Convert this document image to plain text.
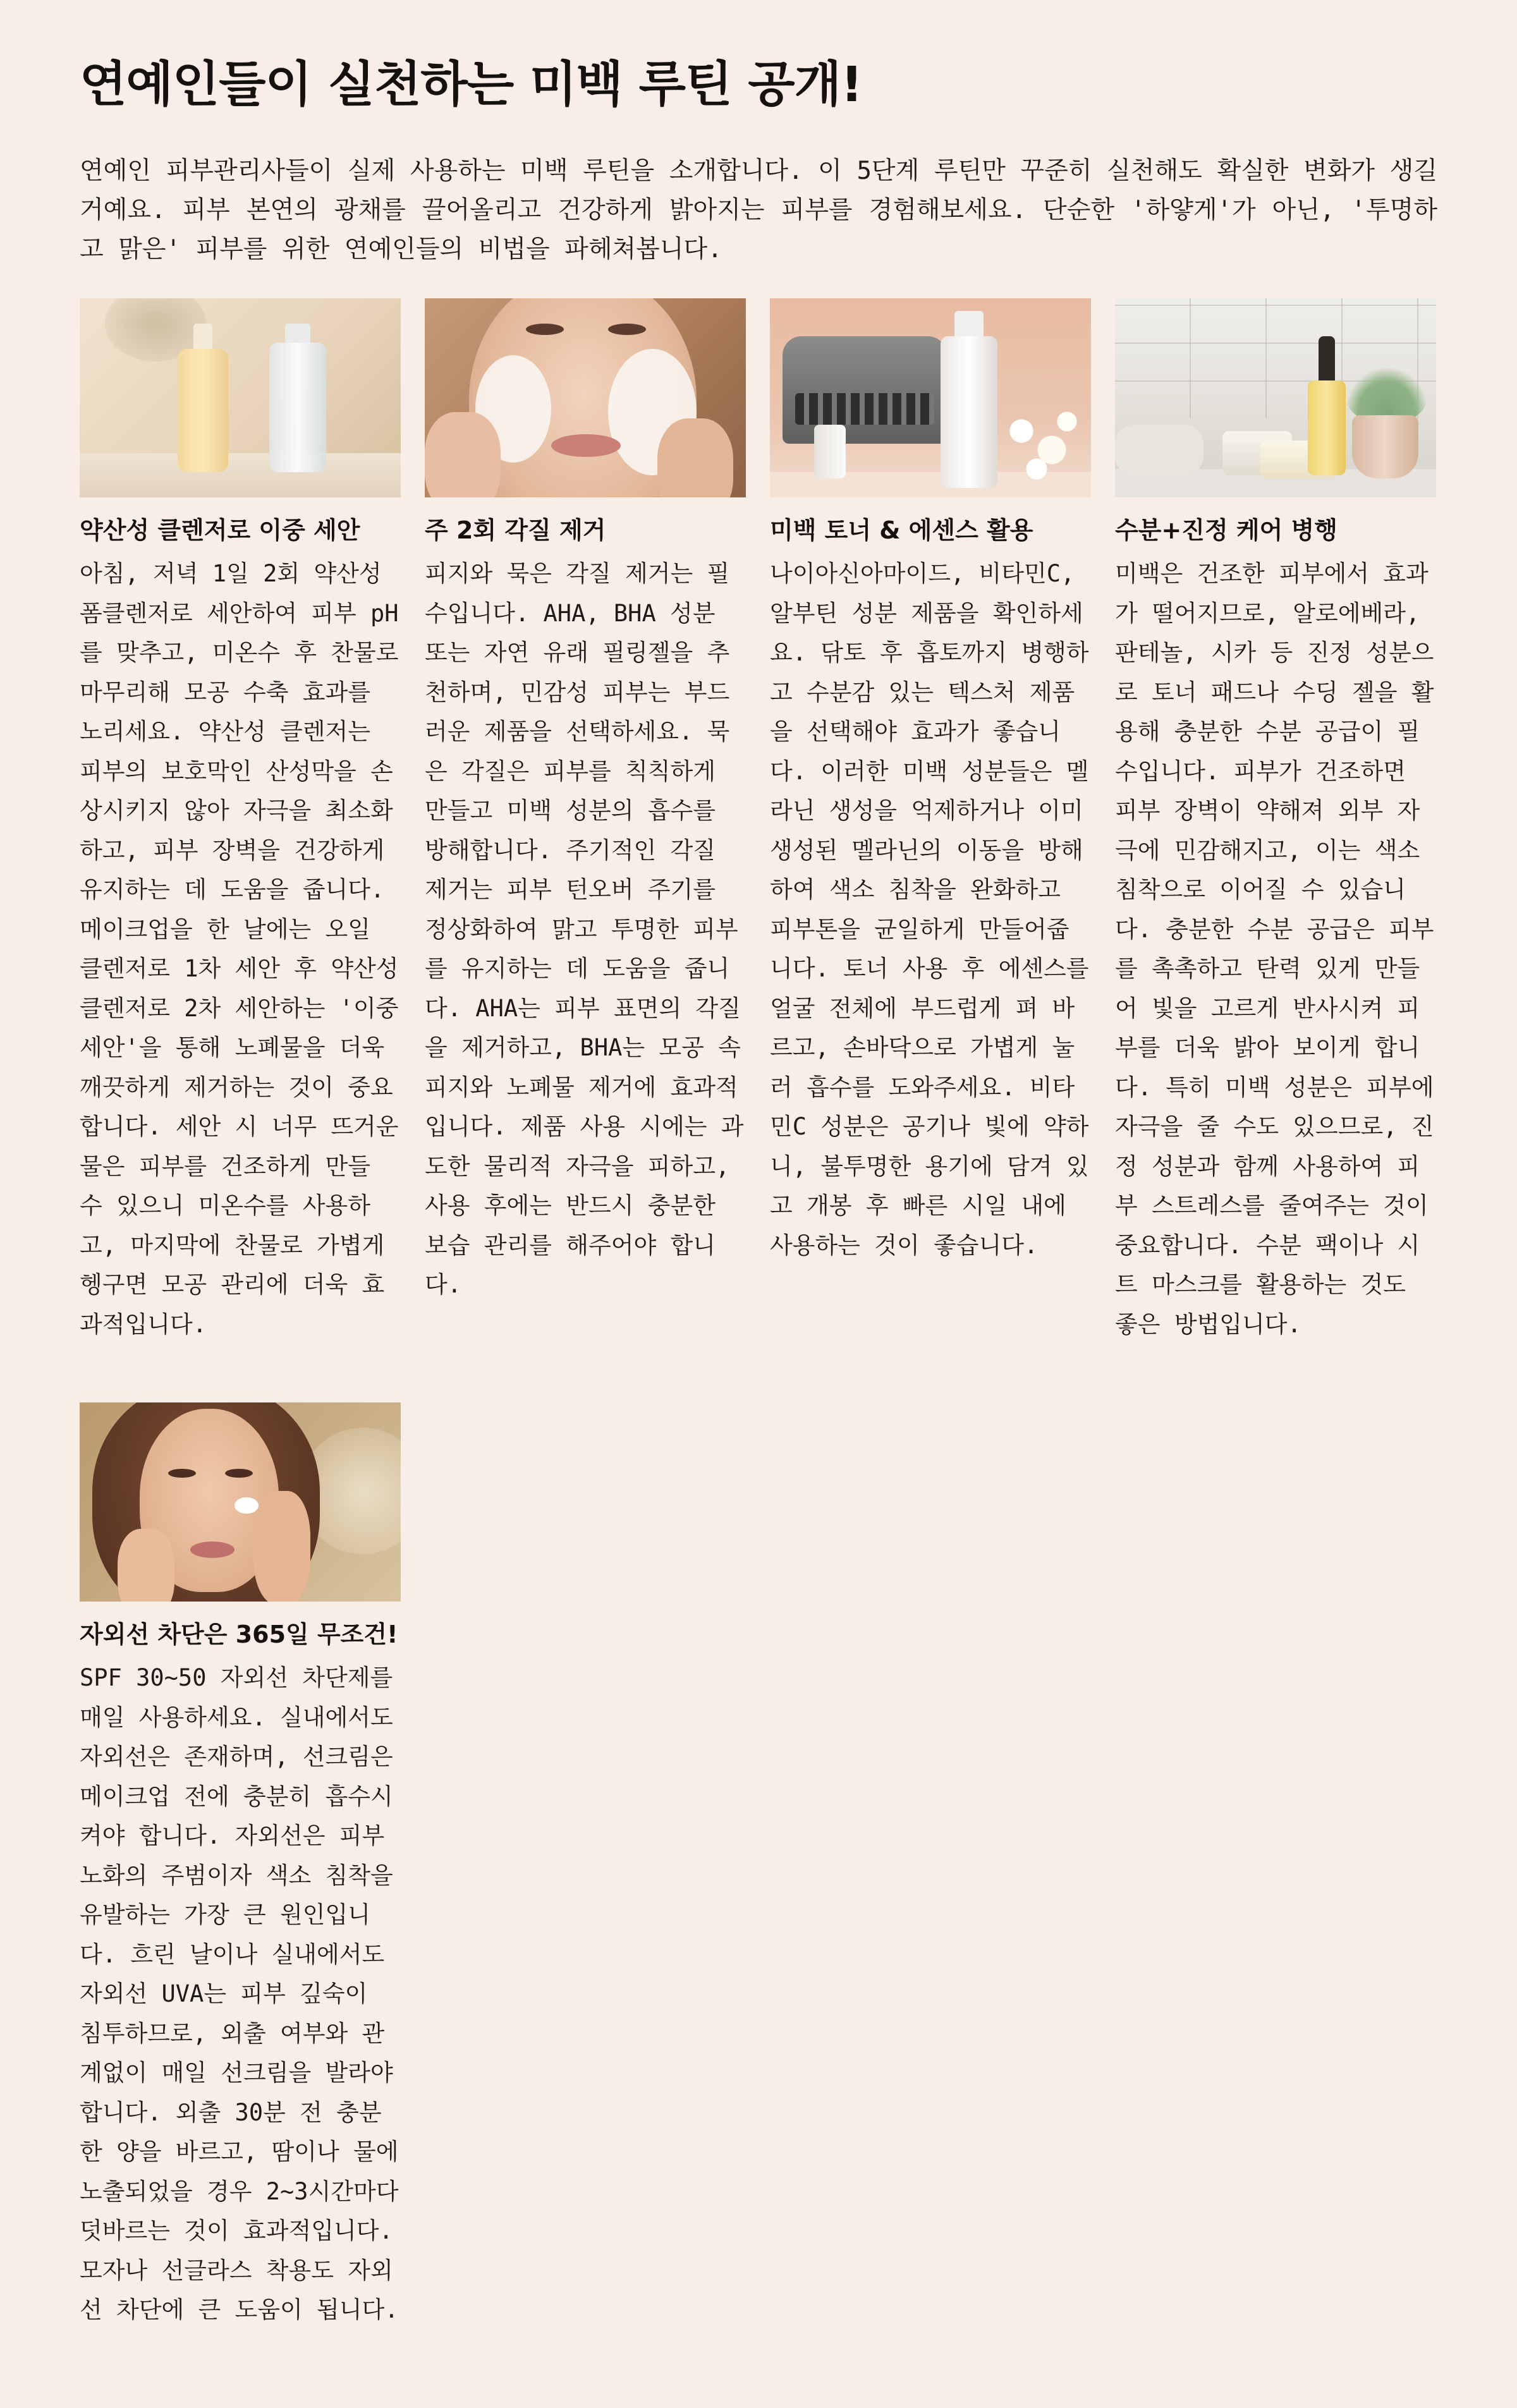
연예인들이 실천하는 미백 루틴 공개!

연예인 피부관리사들이 실제 사용하는 미백 루틴을 소개합니다. 이 5단계 루틴만 꾸준히 실천해도 확실한 변화가 생길 거예요. 피부 본연의 광채를 끌어올리고 건강하게 밝아지는 피부를 경험해보세요. 단순한 '하얗게'가 아닌, '투명하고 맑은' 피부를 위한 연예인들의 비법을 파헤쳐봅니다.

약산성 클렌저로 이중 세안

아침, 저녁 1일 2회 약산성 폼클렌저로 세안하여 피부 pH를 맞추고, 미온수 후 찬물로 마무리해 모공 수축 효과를 노리세요. 약산성 클렌저는 피부의 보호막인 산성막을 손상시키지 않아 자극을 최소화하고, 피부 장벽을 건강하게 유지하는 데 도움을 줍니다. 메이크업을 한 날에는 오일 클렌저로 1차 세안 후 약산성 클렌저로 2차 세안하는 '이중 세안'을 통해 노폐물을 더욱 깨끗하게 제거하는 것이 중요합니다. 세안 시 너무 뜨거운 물은 피부를 건조하게 만들 수 있으니 미온수를 사용하고, 마지막에 찬물로 가볍게 헹구면 모공 관리에 더욱 효과적입니다.

주 2회 각질 제거

피지와 묵은 각질 제거는 필수입니다. AHA, BHA 성분 또는 자연 유래 필링젤을 추천하며, 민감성 피부는 부드러운 제품을 선택하세요. 묵은 각질은 피부를 칙칙하게 만들고 미백 성분의 흡수를 방해합니다. 주기적인 각질 제거는 피부 턴오버 주기를 정상화하여 맑고 투명한 피부를 유지하는 데 도움을 줍니다. AHA는 피부 표면의 각질을 제거하고, BHA는 모공 속 피지와 노폐물 제거에 효과적입니다. 제품 사용 시에는 과도한 물리적 자극을 피하고, 사용 후에는 반드시 충분한 보습 관리를 해주어야 합니다.

미백 토너 & 에센스 활용

나이아신아마이드, 비타민C, 알부틴 성분 제품을 확인하세요. 닦토 후 흡토까지 병행하고 수분감 있는 텍스처 제품을 선택해야 효과가 좋습니다. 이러한 미백 성분들은 멜라닌 생성을 억제하거나 이미 생성된 멜라닌의 이동을 방해하여 색소 침착을 완화하고 피부톤을 균일하게 만들어줍니다. 토너 사용 후 에센스를 얼굴 전체에 부드럽게 펴 바르고, 손바닥으로 가볍게 눌러 흡수를 도와주세요. 비타민C 성분은 공기나 빛에 약하니, 불투명한 용기에 담겨 있고 개봉 후 빠른 시일 내에 사용하는 것이 좋습니다.

수분+진정 케어 병행

미백은 건조한 피부에서 효과가 떨어지므로, 알로에베라, 판테놀, 시카 등 진정 성분으로 토너 패드나 수딩 젤을 활용해 충분한 수분 공급이 필수입니다. 피부가 건조하면 피부 장벽이 약해져 외부 자극에 민감해지고, 이는 색소 침착으로 이어질 수 있습니다. 충분한 수분 공급은 피부를 촉촉하고 탄력 있게 만들어 빛을 고르게 반사시켜 피부를 더욱 밝아 보이게 합니다. 특히 미백 성분은 피부에 자극을 줄 수도 있으므로, 진정 성분과 함께 사용하여 피부 스트레스를 줄여주는 것이 중요합니다. 수분 팩이나 시트 마스크를 활용하는 것도 좋은 방법입니다.

자외선 차단은 365일 무조건!

SPF 30~50 자외선 차단제를 매일 사용하세요. 실내에서도 자외선은 존재하며, 선크림은 메이크업 전에 충분히 흡수시켜야 합니다. 자외선은 피부 노화의 주범이자 색소 침착을 유발하는 가장 큰 원인입니다. 흐린 날이나 실내에서도 자외선 UVA는 피부 깊숙이 침투하므로, 외출 여부와 관계없이 매일 선크림을 발라야 합니다. 외출 30분 전 충분한 양을 바르고, 땀이나 물에 노출되었을 경우 2~3시간마다 덧바르는 것이 효과적입니다. 모자나 선글라스 착용도 자외선 차단에 큰 도움이 됩니다.
